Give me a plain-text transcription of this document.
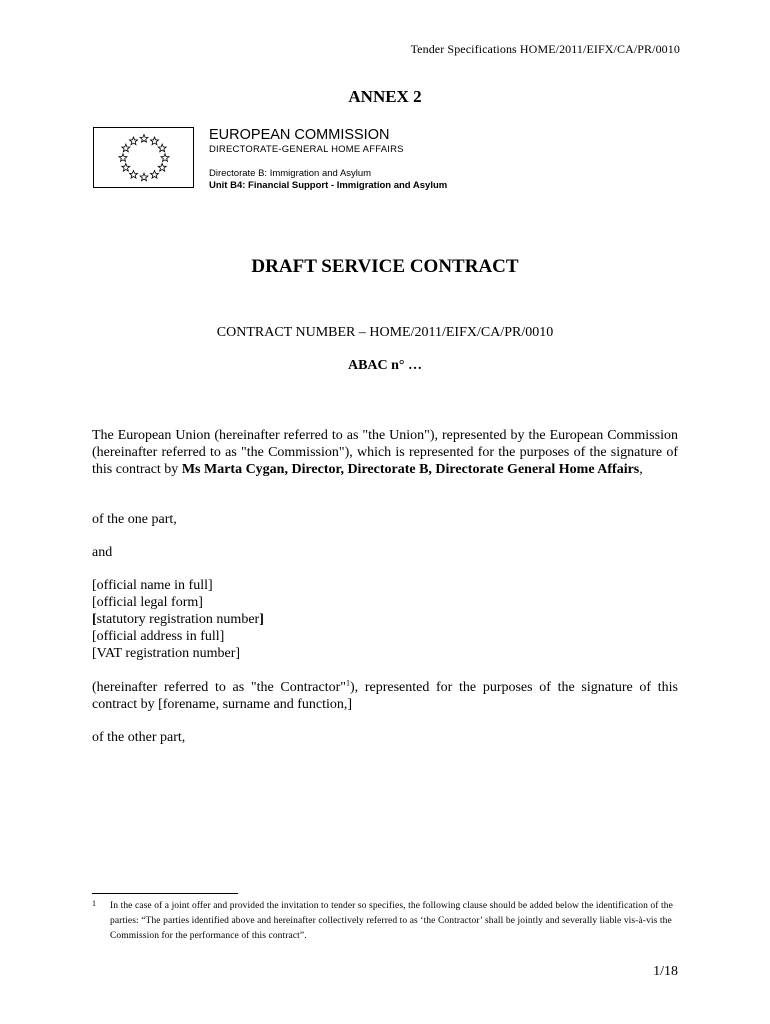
Tender Specifications HOME/2011/EIFX/CA/PR/0010
ANNEX 2
EUROPEAN COMMISSION
DIRECTORATE-GENERAL HOME AFFAIRS
Directorate B: Immigration and Asylum
Unit B4: Financial Support - Immigration and Asylum
DRAFT SERVICE CONTRACT
CONTRACT NUMBER – HOME/2011/EIFX/CA/PR/0010
ABAC n° …
The European Union (hereinafter referred to as "the Union"), represented by the European Commission (hereinafter referred to as "the Commission"), which is represented for the purposes of the signature of this contract by Ms Marta Cygan, Director, Directorate B, Directorate General Home Affairs,
of the one part,
and
[official name in full]
[official legal form]
[statutory registration number]
[official address in full]
[VAT registration number]
(hereinafter referred to as "the Contractor"$^1$), represented for the purposes of the signature of this contract by [forename, surname and function,]
of the other part,
1 In the case of a joint offer and provided the invitation to tender so specifies, the following clause should be added below the identification of the parties: “The parties identified above and hereinafter collectively referred to as ‘the Contractor’ shall be jointly and severally liable vis-à-vis the Commission for the performance of this contract”.
1/18
